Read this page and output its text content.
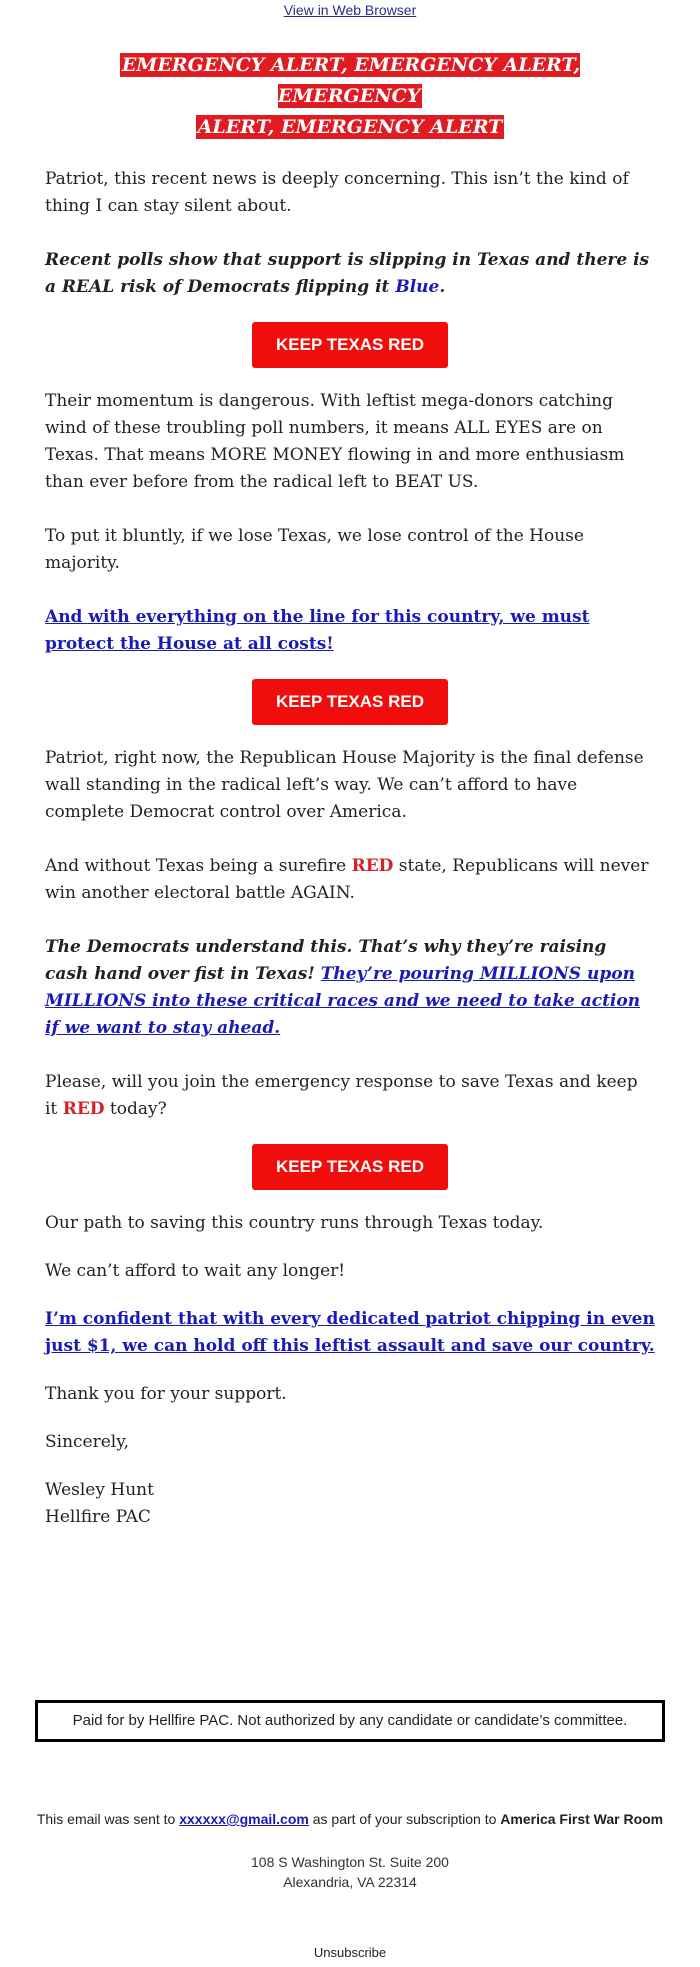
View in Web Browser
EMERGENCY ALERT, EMERGENCY ALERT, EMERGENCY
ALERT, EMERGENCY ALERT

Patriot, this recent news is deeply concerning. This isn’t the kind of thing I can stay silent about.

Recent polls show that support is slipping in Texas and there is a REAL risk of Democrats flipping it Blue.

KEEP TEXAS RED

Their momentum is dangerous. With leftist mega-donors catching wind of these troubling poll numbers, it means ALL EYES are on Texas. That means MORE MONEY flowing in and more enthusiasm than ever before from the radical left to BEAT US.

To put it bluntly, if we lose Texas, we lose control of the House majority.

And with everything on the line for this country, we must protect the House at all costs!

KEEP TEXAS RED

Patriot, right now, the Republican House Majority is the final defense wall standing in the radical left’s way. We can’t afford to have complete Democrat control over America.

And without Texas being a surefire RED state, Republicans will never win another electoral battle AGAIN.

The Democrats understand this. That’s why they’re raising cash hand over fist in Texas! They’re pouring MILLIONS upon MILLIONS into these critical races and we need to take action if we want to stay ahead.

Please, will you join the emergency response to save Texas and keep it RED today?

KEEP TEXAS RED

Our path to saving this country runs through Texas today.

We can’t afford to wait any longer!

I’m confident that with every dedicated patriot chipping in even just $1, we can hold off this leftist assault and save our country.

Thank you for your support.

Sincerely,

Wesley Hunt
Hellfire PAC

Paid for by Hellfire PAC. Not authorized by any candidate or candidate’s committee.
This email was sent to xxxxxx@gmail.com as part of your subscription to America First War Room
108 S Washington St. Suite 200
Alexandria, VA 22314
Unsubscribe
